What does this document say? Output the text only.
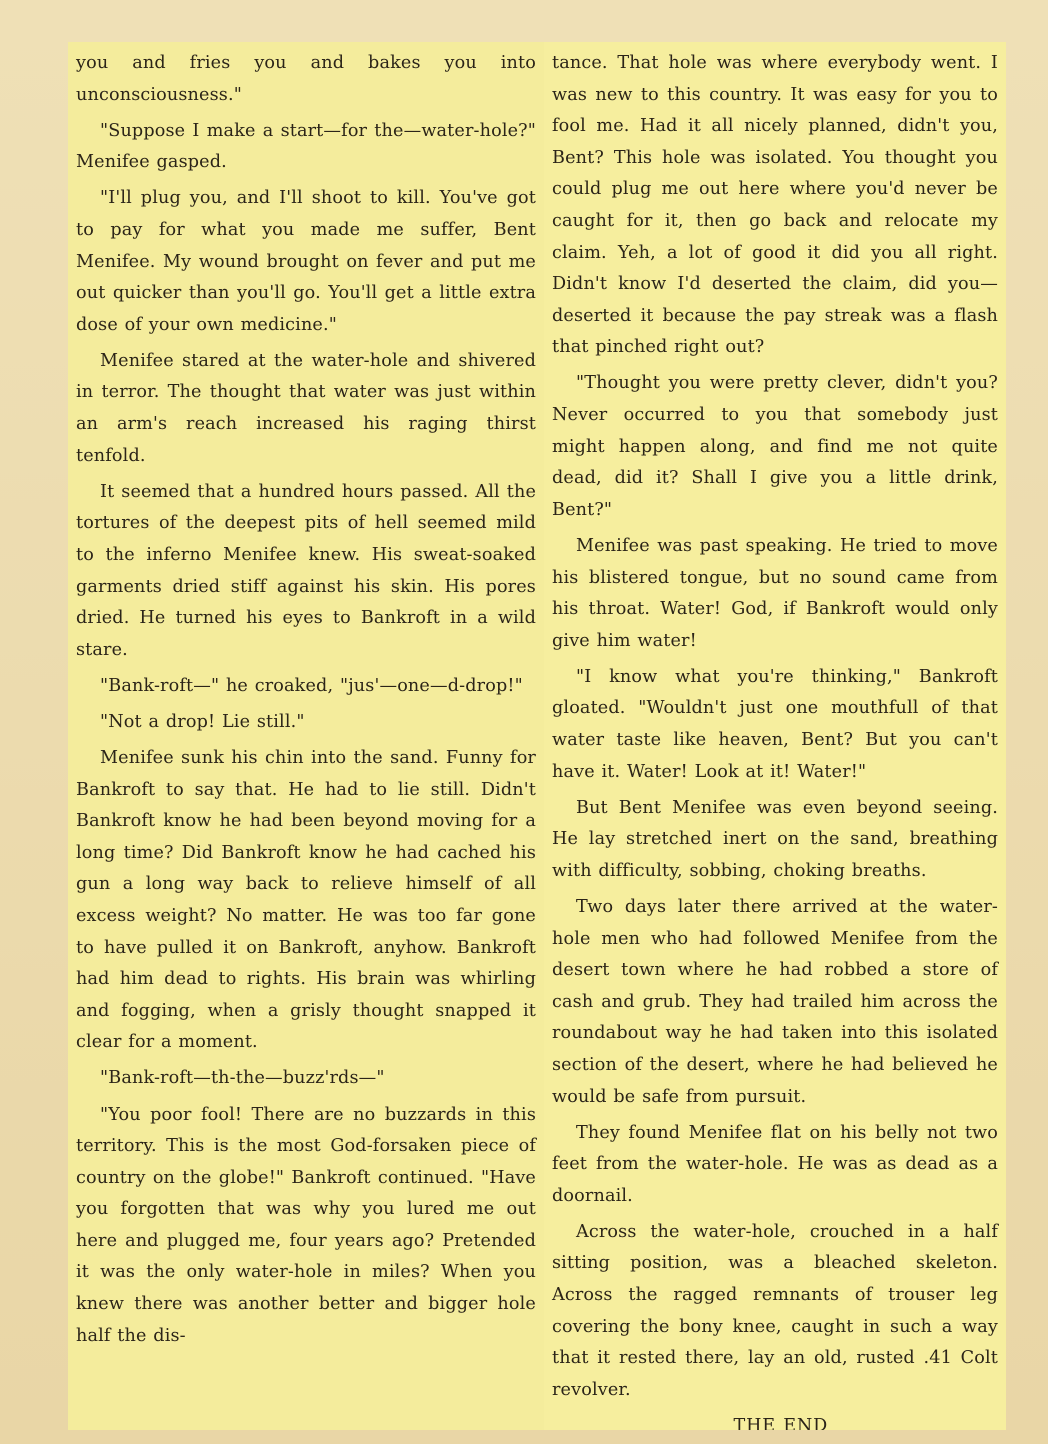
you and fries you and bakes you into unconsciousness."

"Suppose I make a start—for the—water-hole?" Menifee gasped.

"I'll plug you, and I'll shoot to kill. You've got to pay for what you made me suffer, Bent Menifee. My wound brought on fever and put me out quicker than you'll go. You'll get a little extra dose of your own medicine."

Menifee stared at the water-hole and shivered in terror. The thought that water was just within an arm's reach increased his raging thirst tenfold.

It seemed that a hundred hours passed. All the tortures of the deepest pits of hell seemed mild to the inferno Menifee knew. His sweat-soaked garments dried stiff against his skin. His pores dried. He turned his eyes to Bankroft in a wild stare.

"Bank-roft—" he croaked, "jus'—one—d-drop!"

"Not a drop! Lie still."

Menifee sunk his chin into the sand. Funny for Bankroft to say that. He had to lie still. Didn't Bankroft know he had been beyond moving for a long time? Did Bankroft know he had cached his gun a long way back to relieve himself of all excess weight? No matter. He was too far gone to have pulled it on Bankroft, anyhow. Bankroft had him dead to rights. His brain was whirling and fogging, when a grisly thought snapped it clear for a moment.

"Bank-roft—th-the—buzz'rds—"

"You poor fool! There are no buzzards in this territory. This is the most God-forsaken piece of country on the globe!" Bankroft continued. "Have you forgotten that was why you lured me out here and plugged me, four years ago? Pretended it was the only water-hole in miles? When you knew there was another better and bigger hole half the dis-

tance. That hole was where everybody went. I was new to this country. It was easy for you to fool me. Had it all nicely planned, didn't you, Bent? This hole was isolated. You thought you could plug me out here where you'd never be caught for it, then go back and relocate my claim. Yeh, a lot of good it did you all right. Didn't know I'd deserted the claim, did you—deserted it because the pay streak was a flash that pinched right out?

"Thought you were pretty clever, didn't you? Never occurred to you that somebody just might happen along, and find me not quite dead, did it? Shall I give you a little drink, Bent?"

Menifee was past speaking. He tried to move his blistered tongue, but no sound came from his throat. Water! God, if Bankroft would only give him water!

"I know what you're thinking," Bankroft gloated. "Wouldn't just one mouthfull of that water taste like heaven, Bent? But you can't have it. Water! Look at it! Water!"

But Bent Menifee was even beyond seeing. He lay stretched inert on the sand, breathing with difficulty, sobbing, choking breaths.

Two days later there arrived at the water-hole men who had followed Menifee from the desert town where he had robbed a store of cash and grub. They had trailed him across the roundabout way he had taken into this isolated section of the desert, where he had believed he would be safe from pursuit.

They found Menifee flat on his belly not two feet from the water-hole. He was as dead as a doornail.

Across the water-hole, crouched in a half sitting position, was a bleached skeleton. Across the ragged remnants of trouser leg covering the bony knee, caught in such a way that it rested there, lay an old, rusted .41 Colt revolver.

THE END
